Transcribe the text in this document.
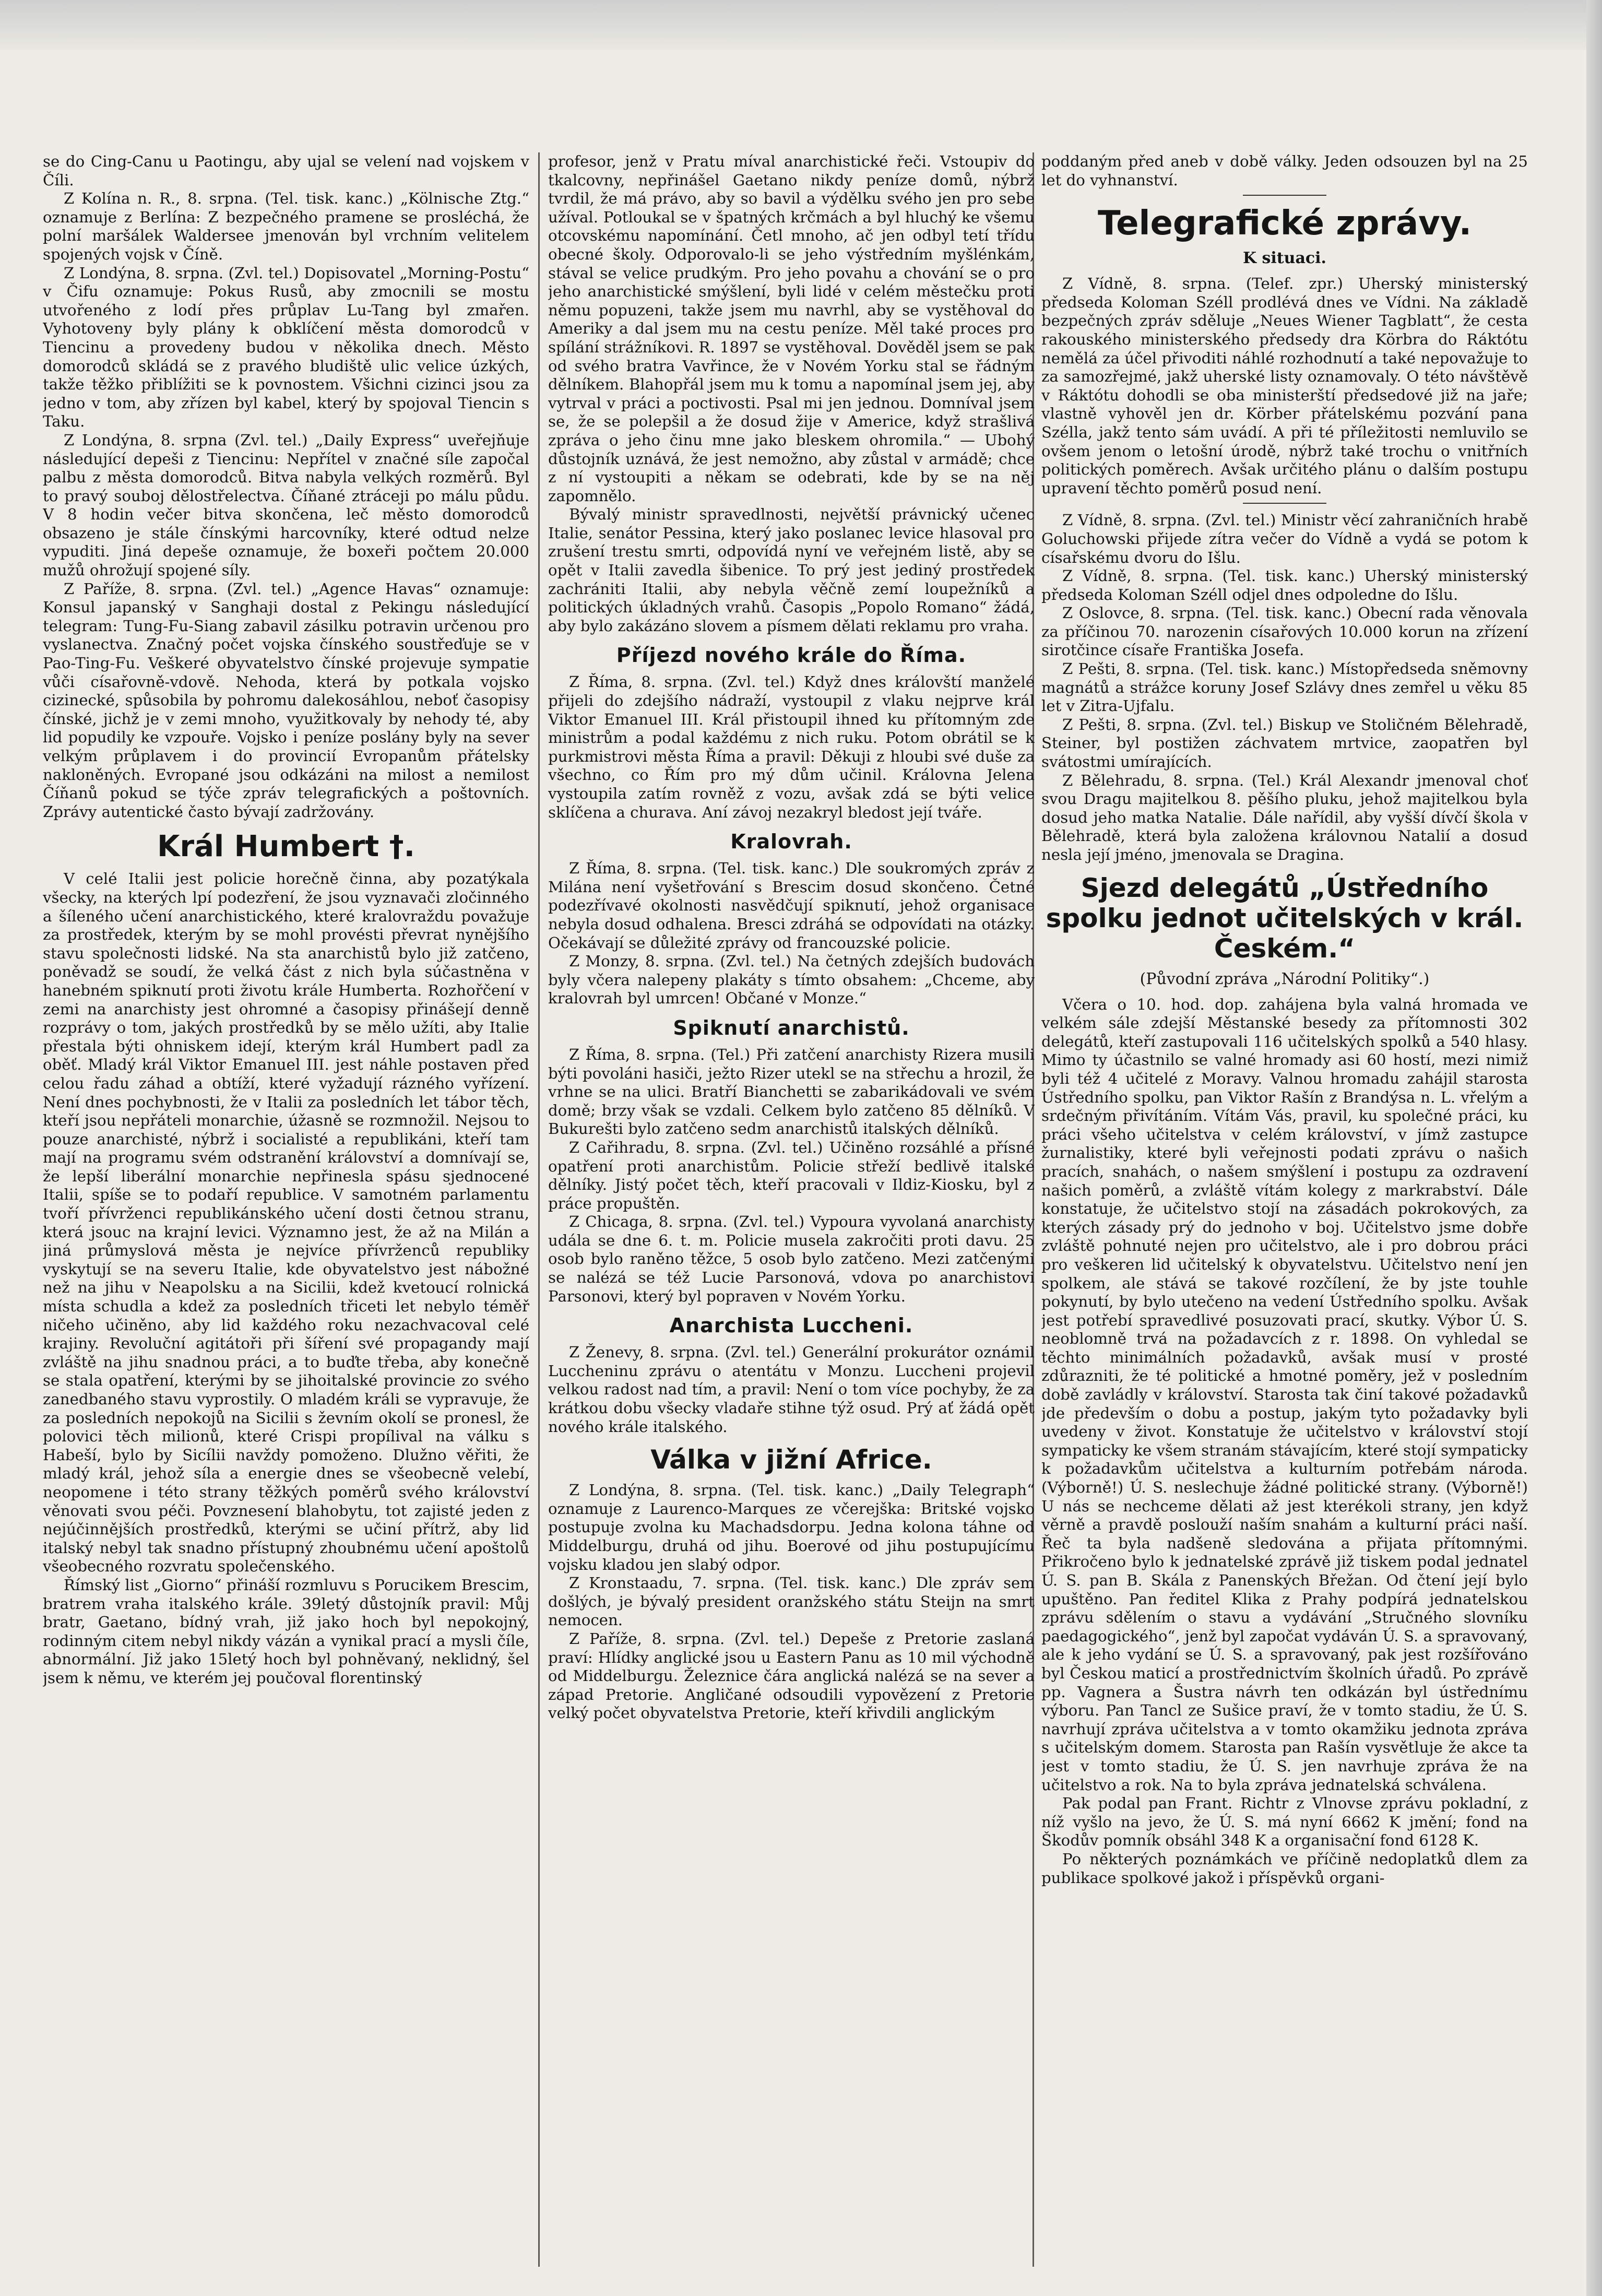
se do Cing-Canu u Paotingu, aby ujal se velení nad vojskem v Číli.

Z Kolína n. R., 8. srpna. (Tel. tisk. kanc.) „Kölnische Ztg.“ oznamuje z Berlína: Z bezpečného pramene se prosléchá, že polní maršálek Waldersee jmenován byl vrchním velitelem spojených vojsk v Číně.

Z Londýna, 8. srpna. (Zvl. tel.) Dopisovatel „Morning-Postu“ v Čifu oznamuje: Pokus Rusů, aby zmocnili se mostu utvořeného z lodí přes průplav Lu-Tang byl zmařen. Vyhotoveny byly plány k obklíčení města domorodců v Tiencinu a provedeny budou v několika dnech. Město domorodců skládá se z pravého bludiště ulic velice úzkých, takže těžko přiblížiti se k povnostem. Všichni cizinci jsou za jedno v tom, aby zřízen byl kabel, který by spojoval Tiencin s Taku.

Z Londýna, 8. srpna (Zvl. tel.) „Daily Express“ uveřejňuje následující depeši z Tiencinu: Nepřítel v značné síle započal palbu z města domorodců. Bitva nabyla velkých rozměrů. Byl to pravý souboj dělostřelectva. Číňané ztráceji po málu půdu. V 8 hodin večer bitva skončena, leč město domorodců obsazeno je stále čínskými harcovníky, které odtud nelze vypuditi. Jiná depeše oznamuje, že boxeři počtem 20.000 mužů ohrožují spojené síly.

Z Paříže, 8. srpna. (Zvl. tel.) „Agence Havas“ oznamuje: Konsul japanský v Sanghaji dostal z Pekingu následující telegram: Tung-Fu-Siang zabavil zásilku potravin určenou pro vyslanectva. Značný počet vojska čínského soustřeďuje se v Pao-Ting-Fu. Veškeré obyvatelstvo čínské projevuje sympatie vůči císařovně-vdově. Nehoda, která by potkala vojsko cizinecké, spůsobila by pohromu dalekosáhlou, neboť časopisy čínské, jichž je v zemi mnoho, využitkovaly by nehody té, aby lid popudily ke vzpouře. Vojsko i peníze poslány byly na sever velkým průplavem i do provincií Evropanům přátelsky nakloněných. Evropané jsou odkázáni na milost a nemilost Číňanů pokud se týče zpráv telegrafických a poštovních. Zprávy autentické často bývají zadržovány.

Král Humbert †.

V celé Italii jest policie horečně činna, aby pozatýkala všecky, na kterých lpí podezření, že jsou vyznavači zločinného a šíleného učení anarchistického, které kralovraždu považuje za prostředek, kterým by se mohl provésti převrat nynějšího stavu společnosti lidské. Na sta anarchistů bylo již zatčeno, poněvadž se soudí, že velká část z nich byla súčastněna v hanebném spiknutí proti životu krále Humberta. Rozhořčení v zemi na anarchisty jest ohromné a časopisy přinášejí denně rozprávy o tom, jakých prostředků by se mělo užíti, aby Italie přestala býti ohniskem idejí, kterým král Humbert padl za oběť. Mladý král Viktor Emanuel III. jest náhle postaven před celou řadu záhad a obtíží, které vyžadují rázného vyřízení. Není dnes pochybnosti, že v Italii za posledních let tábor těch, kteří jsou nepřáteli monarchie, úžasně se rozmnožil. Nejsou to pouze anarchisté, nýbrž i socialisté a republikáni, kteří tam mají na programu svém odstranění království a domnívají se, že lepší liberální monarchie nepřinesla spásu sjednocené Italii, spíše se to podaří republice. V samotném parlamentu tvoří přívrženci republikánského učení dosti četnou stranu, která jsouc na krajní levici. Významno jest, že až na Milán a jiná průmyslová města je nejvíce přívrženců republiky vyskytují se na severu Italie, kde obyvatelstvo jest nábožné než na jihu v Neapolsku a na Sicilii, kdež kvetoucí rolnická místa schudla a kdež za posledních třiceti let nebylo téměř ničeho učiněno, aby lid každého roku nezachvacoval celé krajiny. Revoluční agitátoři při šíření své propagandy mají zvláště na jihu snadnou práci, a to buďte třeba, aby konečně se stala opatření, kterými by se jihoitalské provincie zo svého zanedbaného stavu vyprostily. O mladém králi se vypravuje, že za posledních nepokojů na Sicilii s ževním okolí se pronesl, že polovici těch milionů, které Crispi propílival na válku s Habeší, bylo by Sicílii navždy pomoženo. Dlužno věřiti, že mladý král, jehož síla a energie dnes se všeobecně velebí, neopomene i této strany těžkých poměrů svého království věnovati svou péči. Povznesení blahobytu, tot zajisté jeden z nejúčinnějších prostředků, kterými se učiní přítrž, aby lid italský nebyl tak snadno přístupný zhoubnému učení apoštolů všeobecného rozvratu společenského.

Římský list „Giorno“ přináší rozmluvu s Porucikem Brescim, bratrem vraha italského krále. 39letý důstojník pravil: Můj bratr, Gaetano, bídný vrah, již jako hoch byl nepokojný, rodinným citem nebyl nikdy vázán a vynikal prací a mysli číle, abnormální. Již jako 15letý hoch byl pohněvaný, neklidný, šel jsem k němu, ve kterém jej poučoval florentinský

profesor, jenž v Pratu míval anarchistické řeči. Vstoupiv do tkalcovny, nepřinášel Gaetano nikdy peníze domů, nýbrž tvrdil, že má právo, aby so bavil a výdělku svého jen pro sebe užíval. Potloukal se v špatných krčmách a byl hluchý ke všemu otcovskému napomínání. Četl mnoho, ač jen odbyl tetí třídu obecné školy. Odporovalo-li se jeho výstředním myšlénkám, stával se velice prudkým. Pro jeho povahu a chování se o pro jeho anarchistické smýšlení, byli lidé v celém městečku proti němu popuzeni, takže jsem mu navrhl, aby se vystěhoval do Ameriky a dal jsem mu na cestu peníze. Měl také proces pro spílání strážníkovi. R. 1897 se vystěhoval. Dověděl jsem se pak od svého bratra Vavřince, že v Novém Yorku stal se řádným dělníkem. Blahopřál jsem mu k tomu a napomínal jsem jej, aby vytrval v práci a poctivosti. Psal mi jen jednou. Domníval jsem se, že se polepšil a že dosud žije v Americe, když strašlivá zpráva o jeho činu mne jako bleskem ohromila.“ — Ubohý důstojník uznává, že jest nemožno, aby zůstal v armádě; chce z ní vystoupiti a někam se odebrati, kde by se na něj zapomnělo.

Bývalý ministr spravedlnosti, největší právnický učenec Italie, senátor Pessina, který jako poslanec levice hlasoval pro zrušení trestu smrti, odpovídá nyní ve veřejném listě, aby se opět v Italii zavedla šibenice. To prý jest jediný prostředek zachrániti Italii, aby nebyla věčně zemí loupežníků a politických úkladných vrahů. Časopis „Popolo Romano“ žádá, aby bylo zakázáno slovem a písmem dělati reklamu pro vraha.

Příjezd nového krále do Říma.

Z Říma, 8. srpna. (Zvl. tel.) Když dnes královští manželé přijeli do zdejšího nádraží, vystoupil z vlaku nejprve král Viktor Emanuel III. Král přistoupil ihned ku přítomným zde ministrům a podal každému z nich ruku. Potom obrátil se k purkmistrovi města Říma a pravil: Děkuji z hloubi své duše za všechno, co Řím pro mý dům učinil. Královna Jelena vystoupila zatím rovněž z vozu, avšak zdá se býti velice sklíčena a churava. Aní závoj nezakryl bledost její tváře.

Kralovrah.

Z Říma, 8. srpna. (Tel. tisk. kanc.) Dle soukromých zpráv z Milána není vyšetřování s Brescim dosud skončeno. Četné podezřívavé okolnosti nasvědčují spiknutí, jehož organisace nebyla dosud odhalena. Bresci zdráhá se odpovídati na otázky. Očekávají se důležité zprávy od francouzské policie.

Z Monzy, 8. srpna. (Zvl. tel.) Na četných zdejších budovách byly včera nalepeny plakáty s tímto obsahem: „Chceme, aby kralovrah byl umrcen! Občané v Monze.“

Spiknutí anarchistů.

Z Říma, 8. srpna. (Tel.) Při zatčení anarchisty Rizera musili býti povoláni hasiči, ježto Rizer utekl se na střechu a hrozil, že vrhne se na ulici. Bratří Bianchetti se zabarikádovali ve svém domě; brzy však se vzdali. Celkem bylo zatčeno 85 dělníků. V Bukurešti bylo zatčeno sedm anarchistů italských dělníků.

Z Cařihradu, 8. srpna. (Zvl. tel.) Učiněno rozsáhlé a přísné opatření proti anarchistům. Policie střeží bedlivě italské dělníky. Jistý počet těch, kteří pracovali v Ildiz-Kiosku, byl z práce propuštěn.

Z Chicaga, 8. srpna. (Zvl. tel.) Vypoura vyvolaná anarchisty udála se dne 6. t. m. Policie musela zakročiti proti davu. 25 osob bylo raněno těžce, 5 osob bylo zatčeno. Mezi zatčenými se nalézá se též Lucie Parsonová, vdova po anarchistovi Parsonovi, který byl popraven v Novém Yorku.

Anarchista Luccheni.

Z Ženevy, 8. srpna. (Zvl. tel.) Generální prokurátor oznámil Luccheninu zprávu o atentátu v Monzu. Luccheni projevil velkou radost nad tím, a pravil: Není o tom více pochyby, že za krátkou dobu všecky vladaře stihne týž osud. Prý ať žádá opět nového krále italského.

Válka v jižní Africe.

Z Londýna, 8. srpna. (Tel. tisk. kanc.) „Daily Telegraph“ oznamuje z Laurenco-Marques ze včerejška: Britské vojsko postupuje zvolna ku Machadsdorpu. Jedna kolona táhne od Middelburgu, druhá od jihu. Boerové od jihu postupujícímu vojsku kladou jen slabý odpor.

Z Kronstaadu, 7. srpna. (Tel. tisk. kanc.) Dle zpráv sem došlých, je bývalý president oranžského státu Steijn na smrt nemocen.

Z Paříže, 8. srpna. (Zvl. tel.) Depeše z Pretorie zaslaná praví: Hlídky anglické jsou u Eastern Panu as 10 mil východně od Middelburgu. Železnice čára anglická nalézá se na sever a západ Pretorie. Angličané odsoudili vypovězení z Pretorie velký počet obyvatelstva Pretorie, kteří křivdili anglickým

poddaným před aneb v době války. Jeden odsouzen byl na 25 let do vyhnanství.

Telegrafické zprávy.
K situaci.

Z Vídně, 8. srpna. (Telef. zpr.) Uherský ministerský předseda Koloman Széll prodlévá dnes ve Vídni. Na základě bezpečných zpráv sděluje „Neues Wiener Tagblatt“, že cesta rakouského ministerského předsedy dra Körbra do Ráktótu nemělá za účel přivoditi náhlé rozhodnutí a také nepovažuje to za samozřejmé, jakž uherské listy oznamovaly. O této návštěvě v Ráktótu dohodli se oba ministerští předsedové již na jaře; vlastně vyhověl jen dr. Körber přátelskému pozvání pana Szélla, jakž tento sám uvádí. A při té příležitosti nemluvilo se ovšem jenom o letošní úrodě, nýbrž také trochu o vnitřních politických poměrech. Avšak určitého plánu o dalším postupu upravení těchto poměrů posud není.

Z Vídně, 8. srpna. (Zvl. tel.) Ministr věcí zahraničních hrabě Goluchowski přijede zítra večer do Vídně a vydá se potom k císařskému dvoru do Išlu.

Z Vídně, 8. srpna. (Tel. tisk. kanc.) Uherský ministerský předseda Koloman Széll odjel dnes odpoledne do Išlu.

Z Oslovce, 8. srpna. (Tel. tisk. kanc.) Obecní rada věnovala za příčinou 70. narozenin císařových 10.000 korun na zřízení sirotčince císaře Františka Josefa.

Z Pešti, 8. srpna. (Tel. tisk. kanc.) Místopředseda sněmovny magnátů a strážce koruny Josef Szlávy dnes zemřel u věku 85 let v Zitra-Ujfalu.

Z Pešti, 8. srpna. (Zvl. tel.) Biskup ve Stoličném Bělehradě, Steiner, byl postižen záchvatem mrtvice, zaopatřen byl svátostmi umírajících.

Z Bělehradu, 8. srpna. (Tel.) Král Alexandr jmenoval choť svou Dragu majitelkou 8. pěšího pluku, jehož majitelkou byla dosud jeho matka Natalie. Dále nařídil, aby vyšší dívčí škola v Bělehradě, která byla založena královnou Natalií a dosud nesla její jméno, jmenovala se Dragina.

Sjezd delegátů „Ústředního spolku jednot učitelských v král. Českém.“
(Původní zpráva „Národní Politiky“.)

Včera o 10. hod. dop. zahájena byla valná hromada ve velkém sále zdejší Městanské besedy za přítomnosti 302 delegátů, kteří zastupovali 116 učitelských spolků a 540 hlasy. Mimo ty účastnilo se valné hromady asi 60 hostí, mezi nimiž byli též 4 učitelé z Moravy. Valnou hromadu zahájil starosta Ústředního spolku, pan Viktor Rašín z Brandýsa n. L. vřelým a srdečným přivítáním. Vítám Vás, pravil, ku společné práci, ku práci všeho učitelstva v celém království, v jímž zastupce žurnalistiky, které byli veřejnosti podati zprávu o našich pracích, snahách, o našem smýšlení i postupu za ozdravení našich poměrů, a zvláště vítám kolegy z markrabství. Dále konstatuje, že učitelstvo stojí na zásadách pokrokových, za kterých zásady prý do jednoho v boj. Učitelstvo jsme dobře zvláště pohnuté nejen pro učitelstvo, ale i pro dobrou práci pro veškeren lid učitelský k obyvatelstvu. Učitelstvo není jen spolkem, ale stává se takové rozčílení, že by jste touhle pokynutí, by bylo utečeno na vedení Ústředního spolku. Avšak jest potřebí spravedlivé posuzovati prací, skutky. Výbor Ú. S. neoblomně trvá na požadavcích z r. 1898. On vyhledal se těchto minimálních požadavků, avšak musí v prosté zdůrazniti, že té politické a hmotné poměry, jež v posledním době zavládly v království. Starosta tak činí takové požadavků jde především o dobu a postup, jakým tyto požadavky byli uvedeny v život. Konstatuje že učitelstvo v království stojí sympaticky ke všem stranám stávajícím, které stojí sympaticky k požadavkům učitelstva a kulturním potřebám národa. (Výborně!) Ú. S. neslechuje žádné politické strany. (Výborně!) U nás se nechceme dělati až jest kterékoli strany, jen když věrně a pravdě poslouží naším snahám a kulturní práci naší. Řeč ta byla nadšeně sledována a přijata přítomnými. Přikročeno bylo k jednatelské zprávě již tiskem podal jednatel Ú. S. pan B. Skála z Panenských Břežan. Od čtení její bylo upuštěno. Pan ředitel Klika z Prahy podpírá jednatelskou zprávu sdělením o stavu a vydávání „Stručného slovníku paedagogického“, jenž byl započat vydáván Ú. S. a spravovaný, ale k jeho vydání se Ú. S. a spravovaný, pak jest rozšířováno byl Českou maticí a prostřednictvím školních úřadů. Po zprávě pp. Vagnera a Šustra návrh ten odkázán byl ústřednímu výboru. Pan Tancl ze Sušice praví, že v tomto stadiu, že Ú. S. navrhují zpráva učitelstva a v tomto okamžiku jednota zpráva s učitelským domem. Starosta pan Rašín vysvětluje že akce ta jest v tomto stadiu, že Ú. S. jen navrhuje zpráva že na učitelstvo a rok. Na to byla zpráva jednatelská schválena.

Pak podal pan Frant. Richtr z Vlnovse zprávu pokladní, z níž vyšlo na jevo, že Ú. S. má nyní 6662 K jmění; fond na Škodův pomník obsáhl 348 K a organisační fond 6128 K.

Po některých poznámkách ve příčině nedoplatků dlem za publikace spolkové jakož i příspěvků organi-
